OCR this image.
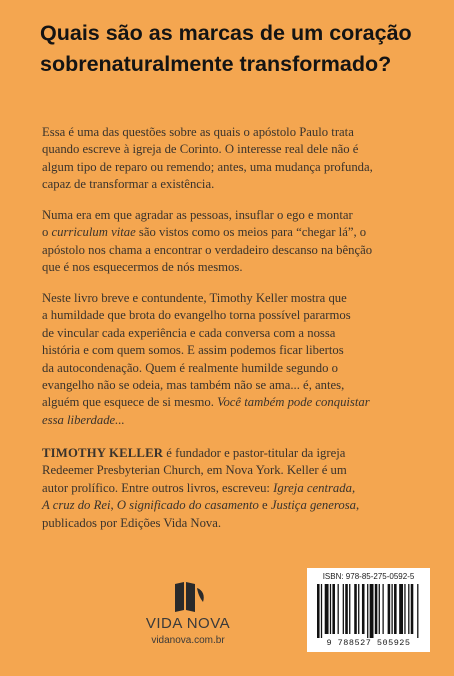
Quais são as marcas de um coração
sobrenaturalmente transformado?

Essa é uma das questões sobre as quais o apóstolo Paulo trata
quando escreve à igreja de Corinto. O interesse real dele não é
algum tipo de reparo ou remendo; antes, uma mudança profunda,
capaz de transformar a existência.

Numa era em que agradar as pessoas, insuflar o ego e montar
o curriculum vitae são vistos como os meios para “chegar lá”, o
apóstolo nos chama a encontrar o verdadeiro descanso na bênção
que é nos esquecermos de nós mesmos.

Neste livro breve e contundente, Timothy Keller mostra que
a humildade que brota do evangelho torna possível pararmos
de vincular cada experiência e cada conversa com a nossa
história e com quem somos. E assim podemos ficar libertos
da autocondenação. Quem é realmente humilde segundo o
evangelho não se odeia, mas também não se ama... é, antes,
alguém que esquece de si mesmo. Você também pode conquistar
essa liberdade...

TIMOTHY KELLER é fundador e pastor-titular da igreja
Redeemer Presbyterian Church, em Nova York. Keller é um
autor prolífico. Entre outros livros, escreveu: Igreja centrada,
A cruz do Rei, O significado do casamento e Justiça generosa,
publicados por Edições Vida Nova.

VIDA NOVA
vidanova.com.br
ISBN: 978-85-275-0592-5
9 788527 505925
